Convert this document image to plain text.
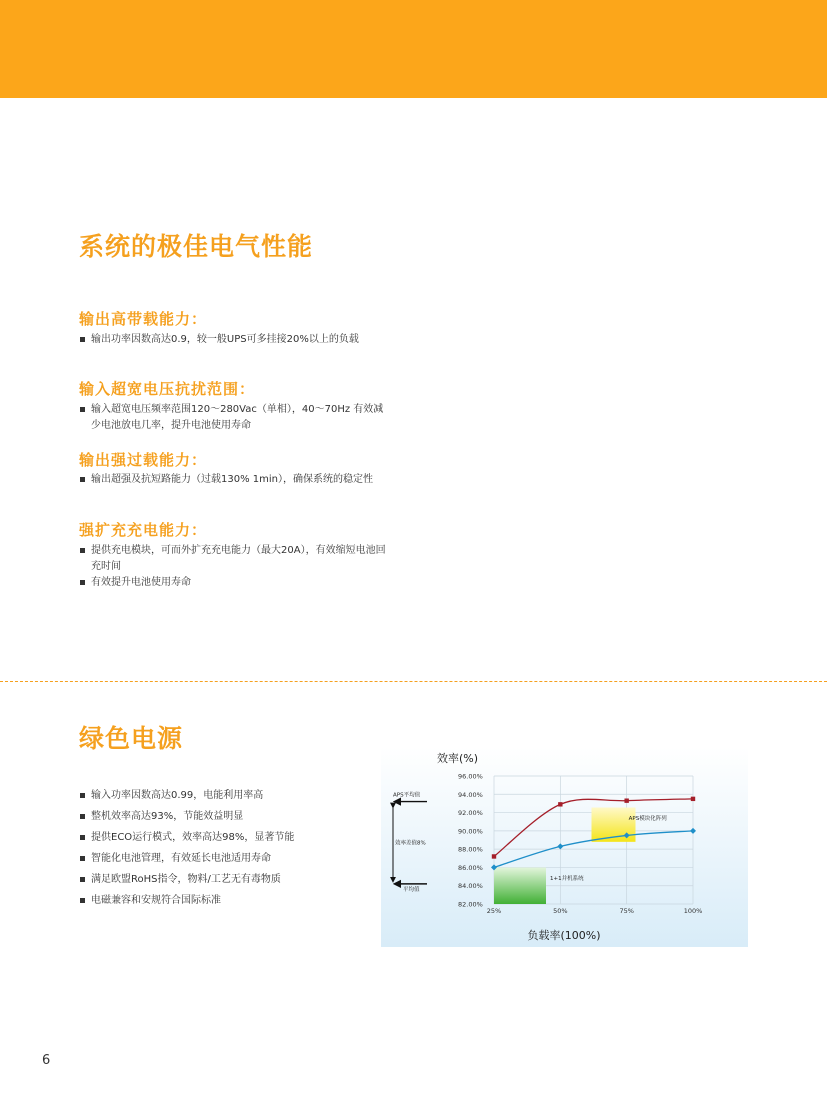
系统的极佳电气性能
输出高带载能力：
输出功率因数高达0.9，较一般UPS可多挂接20%以上的负载
输入超宽电压抗扰范围：
输入超宽电压频率范围120～280Vac（单相），40～70Hz 有效减少电池放电几率，提升电池使用寿命
输出强过载能力：
输出超强及抗短路能力（过载130% 1min），确保系统的稳定性
强扩充充电能力：
提供充电模块，可而外扩充充电能力（最大20A），有效缩短电池回充时间
有效提升电池使用寿命
绿色电源
输入功率因数高达0.99，电能利用率高
整机效率高达93%，节能效益明显
提供ECO运行模式，效率高达98%，显著节能
智能化电池管理，有效延长电池适用寿命
满足欧盟RoHS指令，物料/工艺无有毒物质
电磁兼容和安规符合国际标准
效率(%)
负载率(100%)
96.00%
94.00%
92.00%
90.00%
88.00%
86.00%
84.00%
82.00%
25%	50%	75%	100%
APS模块化阵列
1+1并机系统
APS平均值
效率差值8%
平均值
6
